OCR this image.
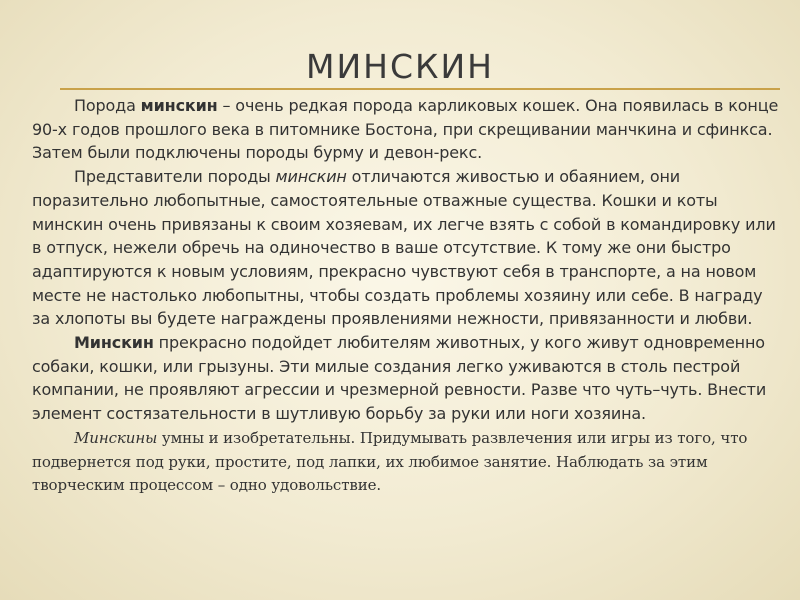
МИНСКИН

Порода минскин – очень редкая порода карликовых кошек. Она появилась в конце 90-х годов прошлого века в питомнике Бостона, при скрещивании манчкина и сфинкса. Затем были подключены породы бурму и девон-рекс.

Представители породы минскин отличаются живостью и обаянием, они поразительно любопытные, самостоятельные отважные существа. Кошки и коты минскин очень привязаны к своим хозяевам, их легче взять с собой в командировку или в отпуск, нежели обречь на одиночество в ваше отсутствие. К тому же они быстро адаптируются к новым условиям, прекрасно чувствуют себя в транспорте, а на новом месте не настолько любопытны, чтобы создать проблемы хозяину или себе. В награду за хлопоты вы будете награждены проявлениями нежности, привязанности и любви.

Минскин прекрасно подойдет любителям животных, у кого живут одновременно собаки, кошки, или грызуны. Эти милые создания легко уживаются в столь пестрой компании, не проявляют агрессии и чрезмерной ревности. Разве что чуть–чуть. Внести элемент состязательности в шутливую борьбу за руки или ноги хозяина.

Минскины умны и изобретательны. Придумывать развлечения или игры из того, что подвернется под руки, простите, под лапки, их любимое занятие. Наблюдать за этим творческим процессом – одно удовольствие.
